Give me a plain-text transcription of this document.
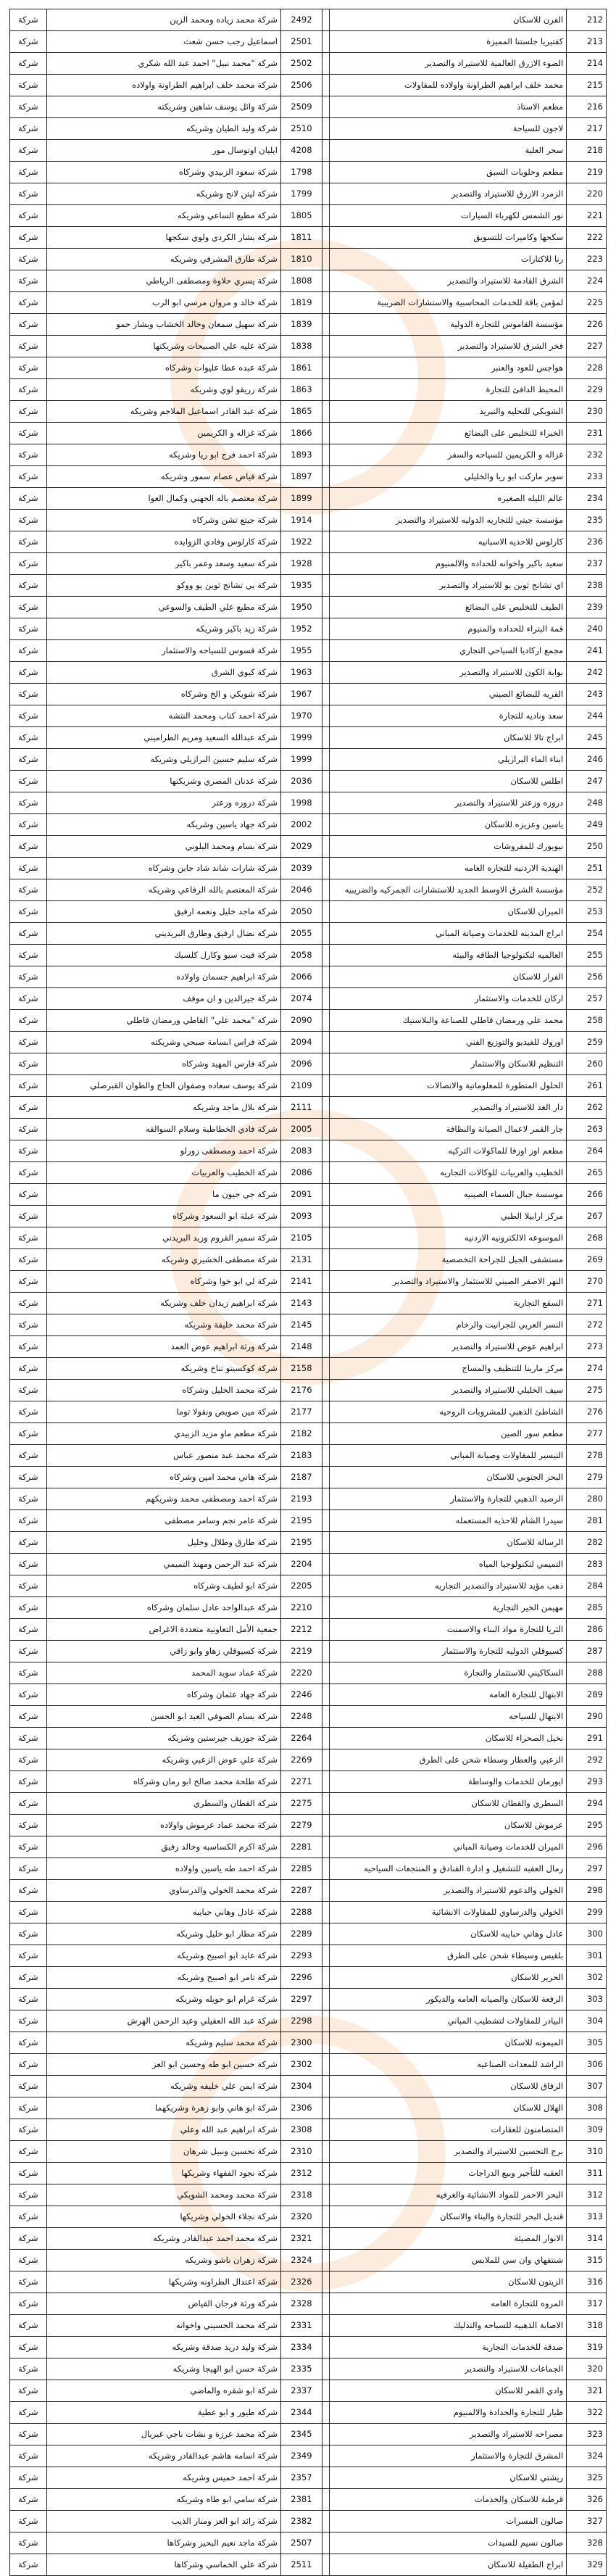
212	الفرن للاسكان		2492	شركة محمد زياده ومحمد الزين	شركة
213	كفتيريا جلستنا المميزة		2501	اسماعيل رجب حسن شعث	شركة
214	الضوء الازرق العالمية للاستيراد والتصدير		2502	شركة "محمد نبيل" احمد عبد الله شكري	شركة
215	محمد خلف ابراهيم الطراونة واولاده للمقاولات		2506	شركة محمد خلف ابراهيم الطراونة واولاده	شركة
216	مطعم الاستاذ		2509	شركة وائل يوسف شاهين وشريكته	شركة
217	لاجون للسياحة		2510	شركة وليد الطيان وشريكه	شركة
218	سحر العلبة		4208	ايليان اوتوسال مور	شركة
219	مطعم وحلويات السبق		1798	شركة سعود الزبيدي وشركاه	شركة
220	الزمرد الازرق للاستيراد والتصدير		1799	شركة ليتن لانج وشريكه	شركة
221	نور الشمس لكهرباء السيارات		1805	شركة مطيع الساعي وشريكه	شركة
222	سكحها وكاميرات للتسويق		1811	شركة بشار الكردي ولوي سكجها	شركة
223	رنا للاكتارات		1810	شركة طارق المشرفي وشريكه	شركة
224	الشرق القادمة للاستيراد والتصدير		1808	شركة يسري حلاوة ومصطفى الرياطي	شركة
225	لمؤمن باقة للخدمات المحاسبية والاستشارات الضريبية		1819	شركة خالد و مروان مرسي ابو الرب	شركة
226	مؤسسة القاموس للتجارة الدولية		1839	شركة سهيل سمعان وخالد الخشاب وبشار حمو	شركة
227	فخر الشرق للاستيراد والتصدير		1838	شركة عليه علي الصبيحات وشريكتها	شركة
228	هواجس للعود والعنبر		1861	شركة عبده عطا عليوات وشركاه	شركة
229	المحيط الدافئ للتجارة		1863	شركة زريقو لوي وشريكه	شركة
230	الشوبكي للتحليه والتبريد		1865	شركة عبد القادر اسماعيل الملاجم وشريكه	شركة
231	الخبراء للتخليص على البضائع		1866	شركة غزاله و الكريمين	شركة
232	غزاله و الكريمين للسياحه والسفر		1893	شركة احمد فرج ابو ريا وشريكه	شركة
233	سوبر ماركت ابو ريا والخليلي		1897	شركة فياض عصام سمور وشريكه	شركة
234	عالم الليله الصغيره		1899	شركة معتصم باله الجهني وكمال العوا	شركة
235	مؤسسة جيتي للتجاريه الدوليه للاستيراد والتصدير		1914	شركة جيتع تشن وشركاه	شركة
236	كارلوس للاحذيه الاسبانيه		1922	شركة كارلوس وفادي الزوايده	شركة
237	سعيد باكير واخوانه للحداده والالمنيوم		1928	شركة سعيد وسعد وعمر باكير	شركة
238	اي تشانج ثوين يو للاستيراد والتصدير		1935	شركة يي تشانج ثوين يو ووكو	شركة
239	الطيف للتخليص على البضائع		1950	شركة مطيع علي الطيف والسوعي	شركة
240	قمة البتراء للحداده والمنيوم		1952	شركة زيد باكير وشريكه	شركة
241	مجمع اركاديا السياحي التجاري		1955	شركة قسوس للسياحه والاستثمار	شركة
242	بوابة الكون للاستيراد والتصدير		1963	شركة كيوي الشرق	شركة
243	القريه للبضائع الصيني		1967	شركة شويكي و الخ وشركاه	شركة
244	سعد وناديه للتجارة		1970	شركة احمد كتاب ومحمد النتشه	شركة
245	ابراج تالا للاسكان		1999	شركة عبدالله السعيد ومريم الطراميني	شركة
246	ابناء الماء البرازيلي		1999	شركة سليم حسين البرازيلي وشريكه	شركة
247	اطلس للاسكان		2036	شركة عدنان المصري وشريكتها	شركة
248	دروزه وزعتر للاستيراد والتصدير		1998	شركة دروزه وزعتر	شركة
249	ياسين وعزيزه للاسكان		2002	شركة جهاد ياسين وشريكه	شركة
250	نيويورك للمفروشات		2029	شركة بسام ومحمد البلوني	شركة
251	الهندية الاردنيه للتجاره العامه		2039	شركة شارات شاند شاد جابن وشركاه	شركة
252	مؤسسة الشرق الاوسط الجديد للاستشارات الجمركيه والضريبيه		2046	شركة المعتصم بالله الرفاعي وشريكه	شركة
253	الميران للاسكان		2050	شركة ماجد خليل ونعمه ارفيق	شركة
254	ابراج المدينه للخدمات وصيانة المباني		2055	شركة نضال ارفيق وطارق البريديني	شركة
255	العالميه لتكنولوجيا الطاقه والبيئه		2058	شركة فيت سيو وكارل كلسيك	شركة
256	الفرار للاسكان		2066	شركة ابراهيم جسمان واولاده	شركة
257	اركان للخدمات والاستثمار		2074	شركة جيرالدين و ان موقف	شركة
258	محمد علي ورمضان قاطلي للصناعة والبلاستيك		2090	شركة "محمد علي" القاطي ورمضان قاطلي	شركة
259	اوروك للفيديو والتوزيع الفني		2094	شركة فراس ابسامة صبحي وشريكته	شركة
260	التنظيم للاسكان والاستثمار		2096	شركة فارس المهيد وشركاه	شركة
261	الحلول المتطورة للمعلوماتية والاتصالات		2109	شركة يوسف سعاده وصفوان الحاج والطوان القبرصلي	شركة
262	دار الغد للاستيراد والتصدير		2111	شركة بلال ماجد وشريكه	شركة
263	جار القمر لاعمال الصيانة والنظافة		2005	شركة فادي الخطاطبة وسلام السوالقه	شركة
264	مطعم اوز اوزفا للماكولات التركيه		2083	شركة احمد ومصطفى زورلو	شركة
265	الخطيب والعربيات للوكالات التجاريه		2086	شركة الخطيب والعربيات	شركة
266	موسسة جبال السماء الصينيه		2091	شركة جي جيون ما	شركة
267	مركز ارابيلا الطبي		2093	شركة عبلة ابو السعود وشركاه	شركة
268	الموسوعه الالكترونيه الاردنيه		2105	شركة سمير القروم وزيد البريدني	شركة
269	مستشفى الجبل للجراحة التخصصية		2131	شركة مصطفى الخشيري وشريكه	شركة
270	النهر الاصفر الصيني للاستثمار والاستيراد والتصدير		2141	شركة لي ابو خوا وشركاه	شركة
271	السقع التجارية		2143	شركة ابراهيم زيدان خلف وشريكه	شركة
272	النسر العربي للجرانيت والرخام		2145	شركة محمد خليفة وشريكه	شركة
273	ابراهيم عوض للاستيراد والتصدير		2148	شركة ورثة ابراهيم عوض العمد	شركة
274	مركز مارينا للتنظيف والمساج		2158	شركة كوكسيتو تناخ وشريكه	شركة
275	سيف الخليلي للاستيراد والتصدير		2176	شركة محمد الخليل وشركاه	شركة
276	الشاطئ الذهبي للمشروبات الروحيه		2177	شركة مين صويص ونقولا توما	شركة
277	مطعم سور الصين		2182	شركة مطعم ماو مزيد الزبيدي	شركة
278	التيسير للمقاولات وصيانة المباني		2183	شركة محمد عبد منصور عباس	شركة
279	البحر الجنوبي للاسكان		2187	شركة هاني محمد امين وشركاه	شركة
280	الرصيد الذهبي للتجارة والاستثمار		2193	شركة احمد ومصطفى محمد وشريكهم	شركة
281	سيدرا الشام للاحذيه المستعمله		2195	شركة عامر نجم وسامر مصطفى	شركة
282	الرسالة للاسكان		2195	شركة طارق وطلال وخليل	شركة
283	التميمي لتكنولوجيا المياه		2204	شركة عبد الرحمن ومهند التميمي	شركة
284	ذهب مؤيد للاستيراد والتصدير التجاريه		2205	شركة ابو لطيف وشركاه	شركة
285	مهيمن الخير التجارية		2210	شركة عبدالواحد عادل سلمان وشركاه	شركة
286	الثريا للتجارة مواد البناء والاسمنت		2212	جمعية الأمل التعاونية متعددة الاغراض	شركة
287	كسيوقلي الدوليه للتجارة والاستثمار		2219	شركة كسيوقلي زهاو وابو زاقي	شركة
288	السكاكيني للاستثمار والتجارة		2220	شركة عماد سويد المحمد	شركة
289	الابتهال للتجارة العامه		2246	شركة جهاد عثمان وشركاه	شركة
290	الابتهال للسياحه		2248	شركة بسام الصوفي العبد ابو الحسن	شركة
291	نخيل الصحراء للاسكان		2264	شركة جوزيف جيرستين وشريكه	شركة
292	الزعبي والعطار وسطاء شحن على الطرق		2269	شركة علي عوض الزعبي وشريكه	شركة
293	ايورمان للخدمات والوساطة		2271	شركة طلحة محمد صالح ابو رمان وشركاه	شركة
294	السطري والقطان للاسكان		2275	شركة القطان والسطري	شركة
295	عرموش للاسكان		2279	شركة محمد عماد عرموش واولاده	شركة
296	الميران للخدمات وصيانة المباني		2281	شركة اكرم الكساسبه وخالد رفيق	شركة
297	رمال العقبه للتشغيل و ادارة الفنادق و المنتجعات السياحيه		2285	شركة احمد طه ياسين واولاده	شركة
298	الخولي والدعوم للاستيراد والتصدير		2287	شركة محمد الخولي والدرساوي	شركة
299	الخولي والدرساوي للمقاولات الانشائية		2288	شركة عادل وهاني حبايبه	شركة
300	عادل وهاني حبايبه للاسكان		2289	شركة مطار ابو خليل وشريكه	شركة
301	بلقيس وسيطاء شحن على الطرق		2293	شركة عايد ابو اصبيح وشريكه	شركة
302	الحرير للاسكان		2296	شركة تامر ابو اصبيح وشريكه	شركة
303	الرفعة للاسكان والصيانه العامه والديكور		2297	شركة غرام ابو حويله وشريكه	شركة
304	البيادر للمقاولات لتشطيب المباني		2298	شركة عبد الله العقيلي وعبد الرحمن الهرش	شركة
305	الميمونه للاسكان		2300	شركة محمد سليم وشريكه	شركة
306	الراشد للمعدات الصناعيه		2302	شركة حسين ابو طه وحسين ابو العز	شركة
307	الرفاق للاسكان		2304	شركة ايمن علي خليفه وشريكه	شركة
308	الهلال للاسكان		2306	شركة ابو هاني وابو زهرة وشريكهما	شركة
309	المتضامنون للعقارات		2308	شركة ابراهيم عبد الله وعلي	شركة
310	برج التحسين للاستيراد والتصدير		2310	شركة تحسين ونبيل شرهان	شركة
311	العقبه للتأجير وبيع الدراجات		2312	شركة نجود الفقهاء وشريكها	شركة
312	البحر الاحمر للمواد الانشائية والغرفيه		2318	شركة محمد ومحمد الشويكي	شركة
313	قنديل البحر للتجارة والبناء والاسكان		2320	شركة نجلاء الخولي وشريكها	شركة
314	الانوار المضيئة		2321	شركة محمد احمد عبدالقادر وشريكه	شركة
315	شنتقهاي وان سي للملابس		2324	شركة زهران ناشو وشريكه	شركة
316	الزيتون للاسكان		2326	شركة اعتدال الطراونه وشريكها	شركة
317	المروه للتجارة العامه		2328	شركة ورثة فرجان الفياض	شركة
318	الاصابة الذهبيه للسباحه والتدليك		2331	شركة محمد الحسيني واخوانه	شركة
319	صدقة للخدمات التجارية		2334	شركة وليد دريد صدقة وشريكه	شركة
320	الجماعات للاستيراد والتصدير		2335	شركة حسن ابو الهيجا وشريكه	شركة
321	وادي القمر للاسكان		2337	شركة ابو شقره والماضي	شركة
322	طيار للتجارة والحدادة والالمنيوم		2344	شركة طيور و ابو عطية	شركة
323	مصراحه للاستيراد والتصدير		2345	شركة محمد عرزة و نشات ناجي غبريال	شركة
324	المشرق للتجارة والاستثمار		2349	شركة اسامه هاشم عبدالقادر وشريكه	شركة
325	ريشتي للاسكان		2357	شركة احمد خميس وشريكه	شركة
326	قرطبة للاسكان والخدمات		2381	شركة سامي ابو طاه وشريكه	شركة
327	صالون المسرات		2382	شركة رائد ابو العز ومنار الذيب	شركة
328	صالون نسيم للسيدات		2507	شركة ماجد نعيم البحير وشركاها	شركة
329	ابراج الطفيلة للاسكان		2511	شركة علي الخماسي وشركاها	شركة
